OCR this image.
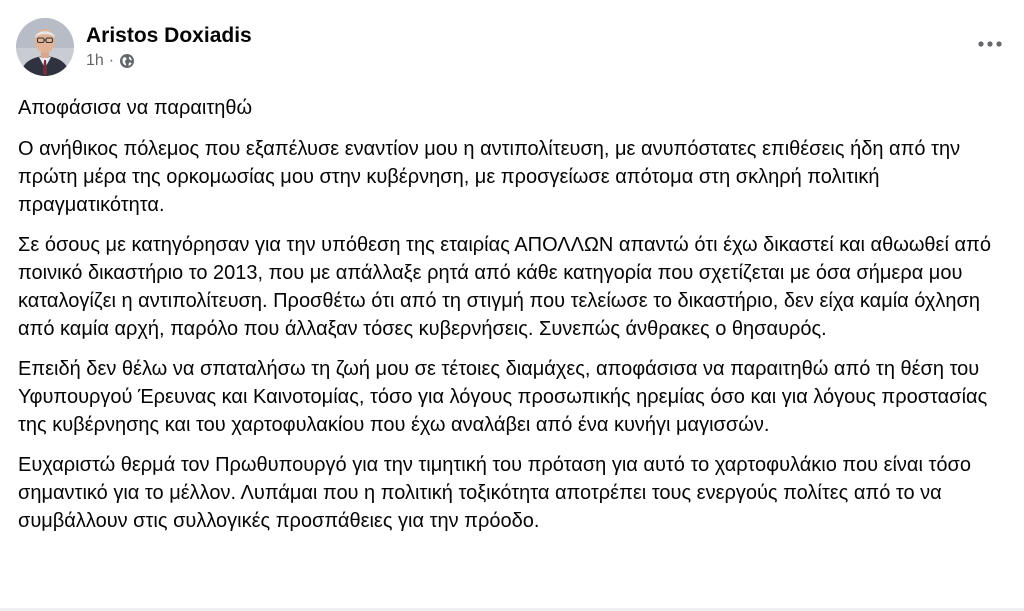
Aristos Doxiadis
1h ·

Αποφάσισα να παραιτηθώ

Ο ανήθικος πόλεμος που εξαπέλυσε εναντίον μου η αντιπολίτευση, με ανυπόστατες επιθέσεις ήδη από την πρώτη μέρα της ορκομωσίας μου στην κυβέρνηση, με προσγείωσε απότομα στη σκληρή πολιτική πραγματικότητα.

Σε όσους με κατηγόρησαν για την υπόθεση της εταιρίας ΑΠΟΛΛΩΝ απαντώ ότι έχω δικαστεί και αθωωθεί από ποινικό δικαστήριο το 2013, που με απάλλαξε ρητά από κάθε κατηγορία που σχετίζεται με όσα σήμερα μου καταλογίζει η αντιπολίτευση. Προσθέτω ότι από τη στιγμή που τελείωσε το δικαστήριο, δεν είχα καμία όχληση από καμία αρχή, παρόλο που άλλαξαν τόσες κυβερνήσεις. Συνεπώς άνθρακες ο θησαυρός.

Επειδή δεν θέλω να σπαταλήσω τη ζωή μου σε τέτοιες διαμάχες, αποφάσισα να παραιτηθώ από τη θέση του Υφυπουργού Έρευνας και Καινοτομίας, τόσο για λόγους προσωπικής ηρεμίας όσο και για λόγους προστασίας της κυβέρνησης και του χαρτοφυλακίου που έχω αναλάβει από ένα κυνήγι μαγισσών.

Ευχαριστώ θερμά τον Πρωθυπουργό για την τιμητική του πρόταση για αυτό το χαρτοφυλάκιο που είναι τόσο σημαντικό για το μέλλον. Λυπάμαι που η πολιτική τοξικότητα αποτρέπει τους ενεργούς πολίτες από το να συμβάλλουν στις συλλογικές προσπάθειες για την πρόοδο.
